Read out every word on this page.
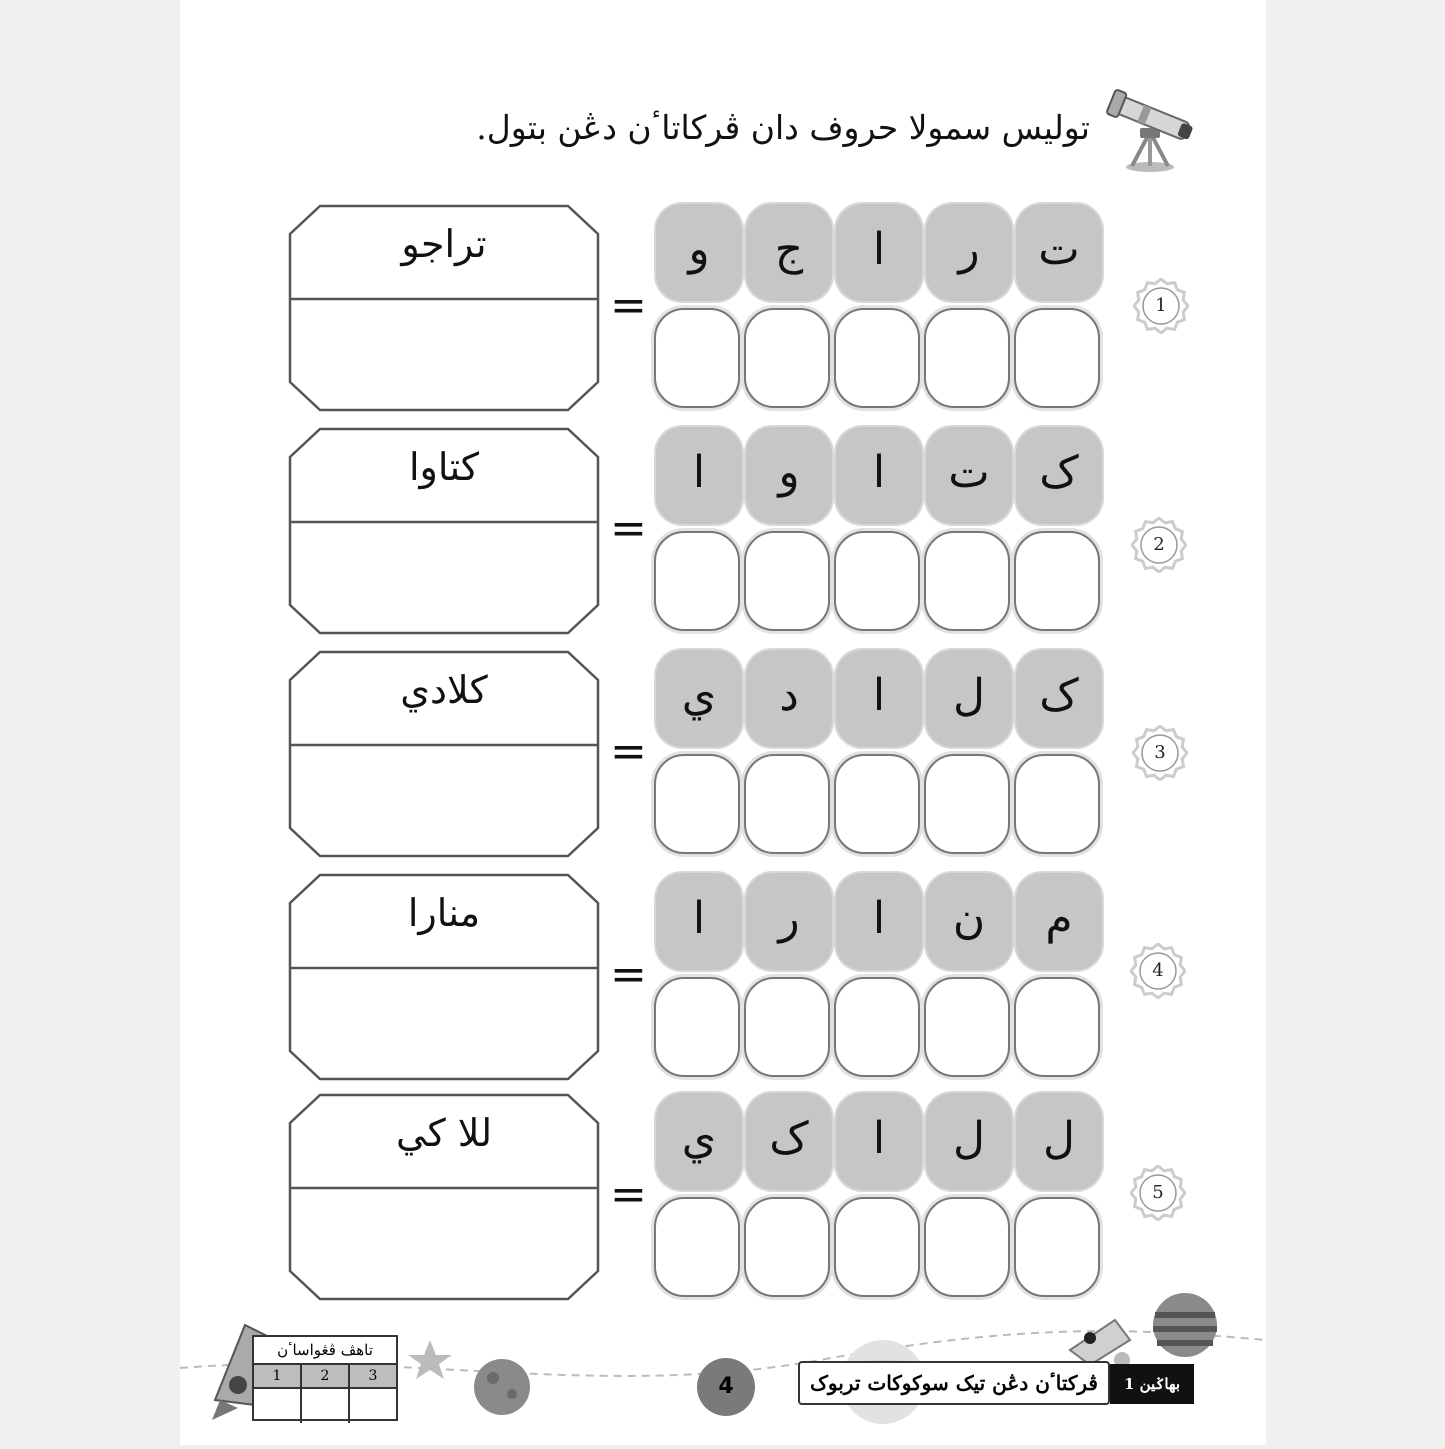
توليس سمولا حروف دان ڤركاتاٴن دڠن بتول.
1
ت
ر
ا
ج
و
=
تراجو
2
ک
ت
ا
و
ا
=
کتاوا
3
ک
ل
ا
د
ي
=
کلادي
4
م
ن
ا
ر
ا
=
منارا
5
ل
ل
ا
ک
ي
=
للا کي
تاهڤ ڤڠواساٴن
1	2	3	4	ڤركتاٴن دڠن تيک سوکوکات تربوک	بهاݢين 1
